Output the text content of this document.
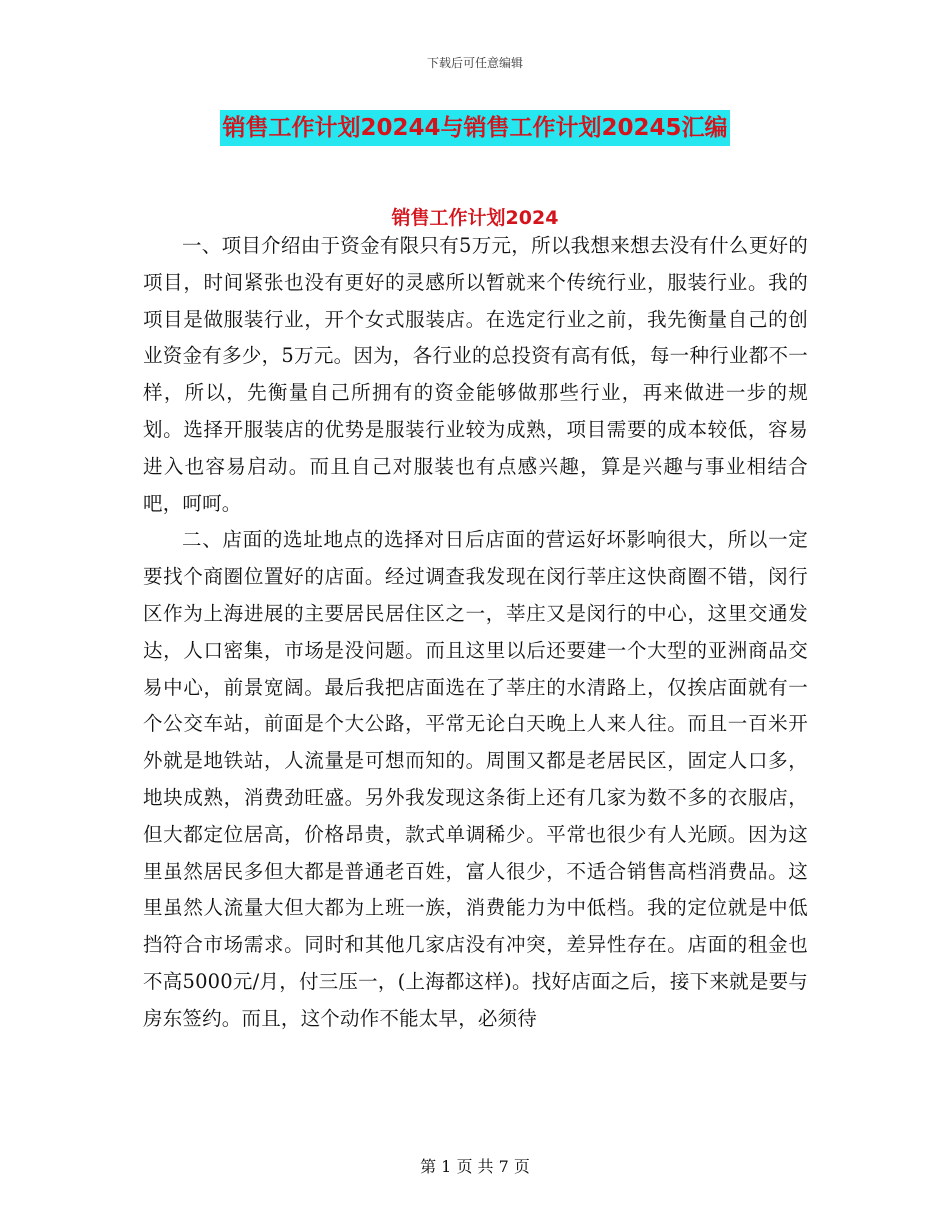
下载后可任意编辑
销售工作计划20244与销售工作计划20245汇编
销售工作计划2024

一、项目介绍由于资金有限只有5万元，所以我想来想去没有什么更好的项目，时间紧张也没有更好的灵感所以暂就来个传统行业，服装行业。我的项目是做服装行业，开个女式服装店。在选定行业之前，我先衡量自己的创业资金有多少，5万元。因为，各行业的总投资有高有低，每一种行业都不一样，所以，先衡量自己所拥有的资金能够做那些行业，再来做进一步的规划。选择开服装店的优势是服装行业较为成熟，项目需要的成本较低，容易进入也容易启动。而且自己对服装也有点感兴趣，算是兴趣与事业相结合吧，呵呵。

二、店面的选址地点的选择对日后店面的营运好坏影响很大，所以一定要找个商圈位置好的店面。经过调查我发现在闵行莘庄这快商圈不错，闵行区作为上海进展的主要居民居住区之一，莘庄又是闵行的中心，这里交通发达，人口密集，市场是没问题。而且这里以后还要建一个大型的亚洲商品交易中心，前景宽阔。最后我把店面选在了莘庄的水清路上，仅挨店面就有一个公交车站，前面是个大公路，平常无论白天晚上人来人往。而且一百米开外就是地铁站，人流量是可想而知的。周围又都是老居民区，固定人口多，地块成熟，消费劲旺盛。另外我发现这条街上还有几家为数不多的衣服店，但大都定位居高，价格昂贵，款式单调稀少。平常也很少有人光顾。因为这里虽然居民多但大都是普通老百姓，富人很少，不适合销售高档消费品。这里虽然人流量大但大都为上班一族，消费能力为中低档。我的定位就是中低挡符合市场需求。同时和其他几家店没有冲突，差异性存在。店面的租金也不高5000元/月，付三压一，(上海都这样)。找好店面之后，接下来就是要与房东签约。而且，这个动作不能太早，必须待

第 1 页 共 7 页
